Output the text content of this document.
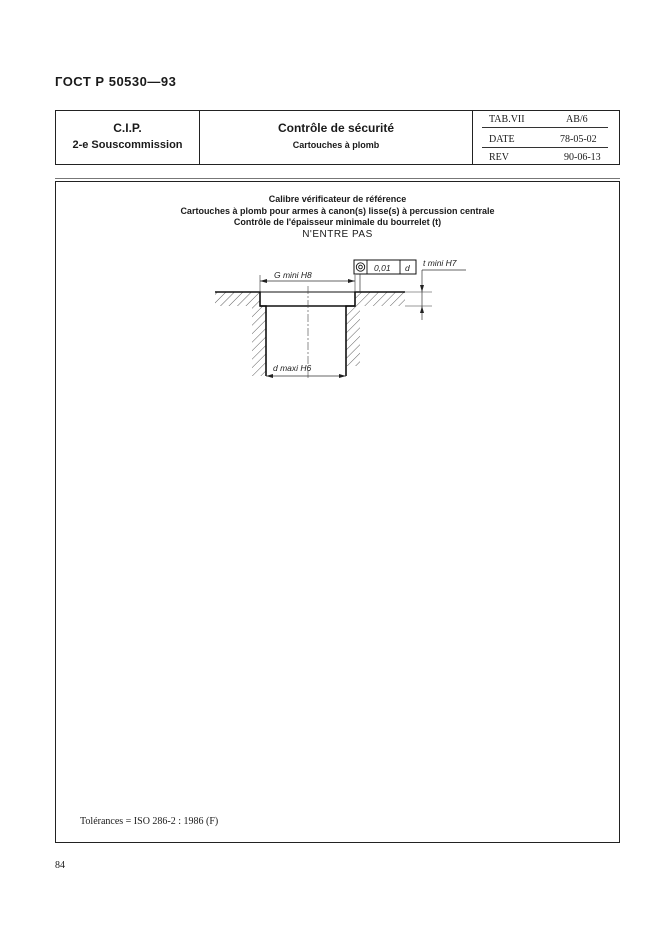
ГОСТ Р 50530—93
C.I.P.
2-e Souscommission
Contrôle de sécurité
Cartouches à plomb
TAB.VII	AB/6
DATE	78-05-02
REV	90-06-13
Calibre vérificateur de référence
Cartouches à plomb pour armes à canon(s) lisse(s) à percussion centrale
Contrôle de l'épaisseur minimale du bourrelet (t)
N'ENTRE PAS
G mini H8
d maxi H6
0,01 d t mini H7
Tolérances = ISO 286-2 : 1986 (F)
84
